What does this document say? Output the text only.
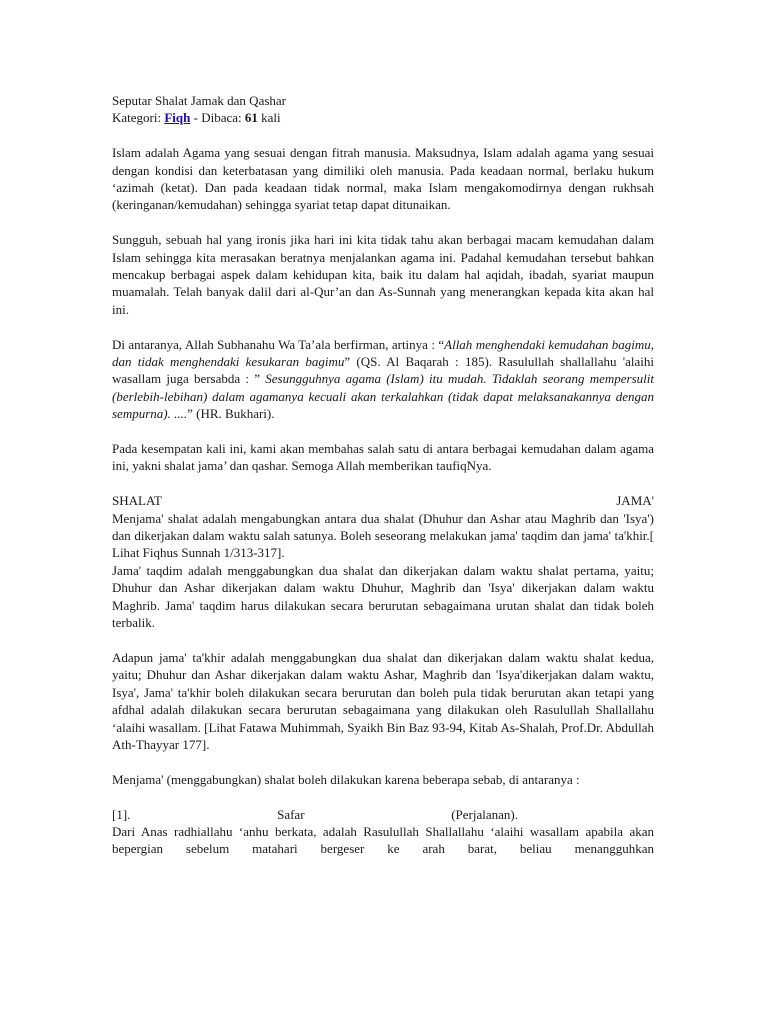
Seputar Shalat Jamak dan Qashar
Kategori: Fiqh - Dibaca: 61 kali

Islam adalah Agama yang sesuai dengan fitrah manusia. Maksudnya, Islam adalah agama yang sesuai dengan kondisi dan keterbatasan yang dimiliki oleh manusia. Pada keadaan normal, berlaku hukum ‘azimah (ketat). Dan pada keadaan tidak normal, maka Islam mengakomodirnya dengan rukhsah (keringanan/kemudahan) sehingga syariat tetap dapat ditunaikan.

Sungguh, sebuah hal yang ironis jika hari ini kita tidak tahu akan berbagai macam kemudahan dalam Islam sehingga kita merasakan beratnya menjalankan agama ini. Padahal kemudahan tersebut bahkan mencakup berbagai aspek dalam kehidupan kita, baik itu dalam hal aqidah, ibadah, syariat maupun muamalah. Telah banyak dalil dari al-Qur’an dan As-Sunnah yang menerangkan kepada kita akan hal ini.

Di antaranya, Allah Subhanahu Wa Ta’ala berfirman, artinya : “Allah menghendaki kemudahan bagimu, dan tidak menghendaki kesukaran bagimu” (QS. Al Baqarah : 185). Rasulullah shallallahu 'alaihi wasallam juga bersabda : ” Sesungguhnya agama (Islam) itu mudah. Tidaklah seorang mempersulit (berlebih-lebihan) dalam agamanya kecuali akan terkalahkan (tidak dapat melaksanakannya dengan sempurna). ....” (HR. Bukhari).

Pada kesempatan kali ini, kami akan membahas salah satu di antara berbagai kemudahan dalam agama ini, yakni shalat jama’ dan qashar. Semoga Allah memberikan taufiqNya.

SHALAT	JAMA'
Menjama' shalat adalah mengabungkan antara dua shalat (Dhuhur dan Ashar atau Maghrib dan 'Isya') dan dikerjakan dalam waktu salah satunya. Boleh seseorang melakukan jama' taqdim dan jama' ta'khir.[ Lihat Fiqhus Sunnah 1/313-317].

Jama' taqdim adalah menggabungkan dua shalat dan dikerjakan dalam waktu shalat pertama, yaitu; Dhuhur dan Ashar dikerjakan dalam waktu Dhuhur, Maghrib dan 'Isya' dikerjakan dalam waktu Maghrib. Jama' taqdim harus dilakukan secara berurutan sebagaimana urutan shalat dan tidak boleh terbalik.

Adapun jama' ta'khir adalah menggabungkan dua shalat dan dikerjakan dalam waktu shalat kedua, yaitu; Dhuhur dan Ashar dikerjakan dalam waktu Ashar, Maghrib dan 'Isya'dikerjakan dalam waktu, Isya', Jama' ta'khir boleh dilakukan secara berurutan dan boleh pula tidak berurutan akan tetapi yang afdhal adalah dilakukan secara berurutan sebagaimana yang dilakukan oleh Rasulullah Shallallahu ‘alaihi wasallam. [Lihat Fatawa Muhimmah, Syaikh Bin Baz 93-94, Kitab As-Shalah, Prof.Dr. Abdullah Ath-Thayyar 177].

Menjama' (menggabungkan) shalat boleh dilakukan karena beberapa sebab, di antaranya :

[1].	Safar	(Perjalanan).
Dari Anas radhiallahu ‘anhu berkata, adalah Rasulullah Shallallahu ‘alaihi wasallam apabila akan bepergian sebelum matahari bergeser ke arah barat, beliau menangguhkan
